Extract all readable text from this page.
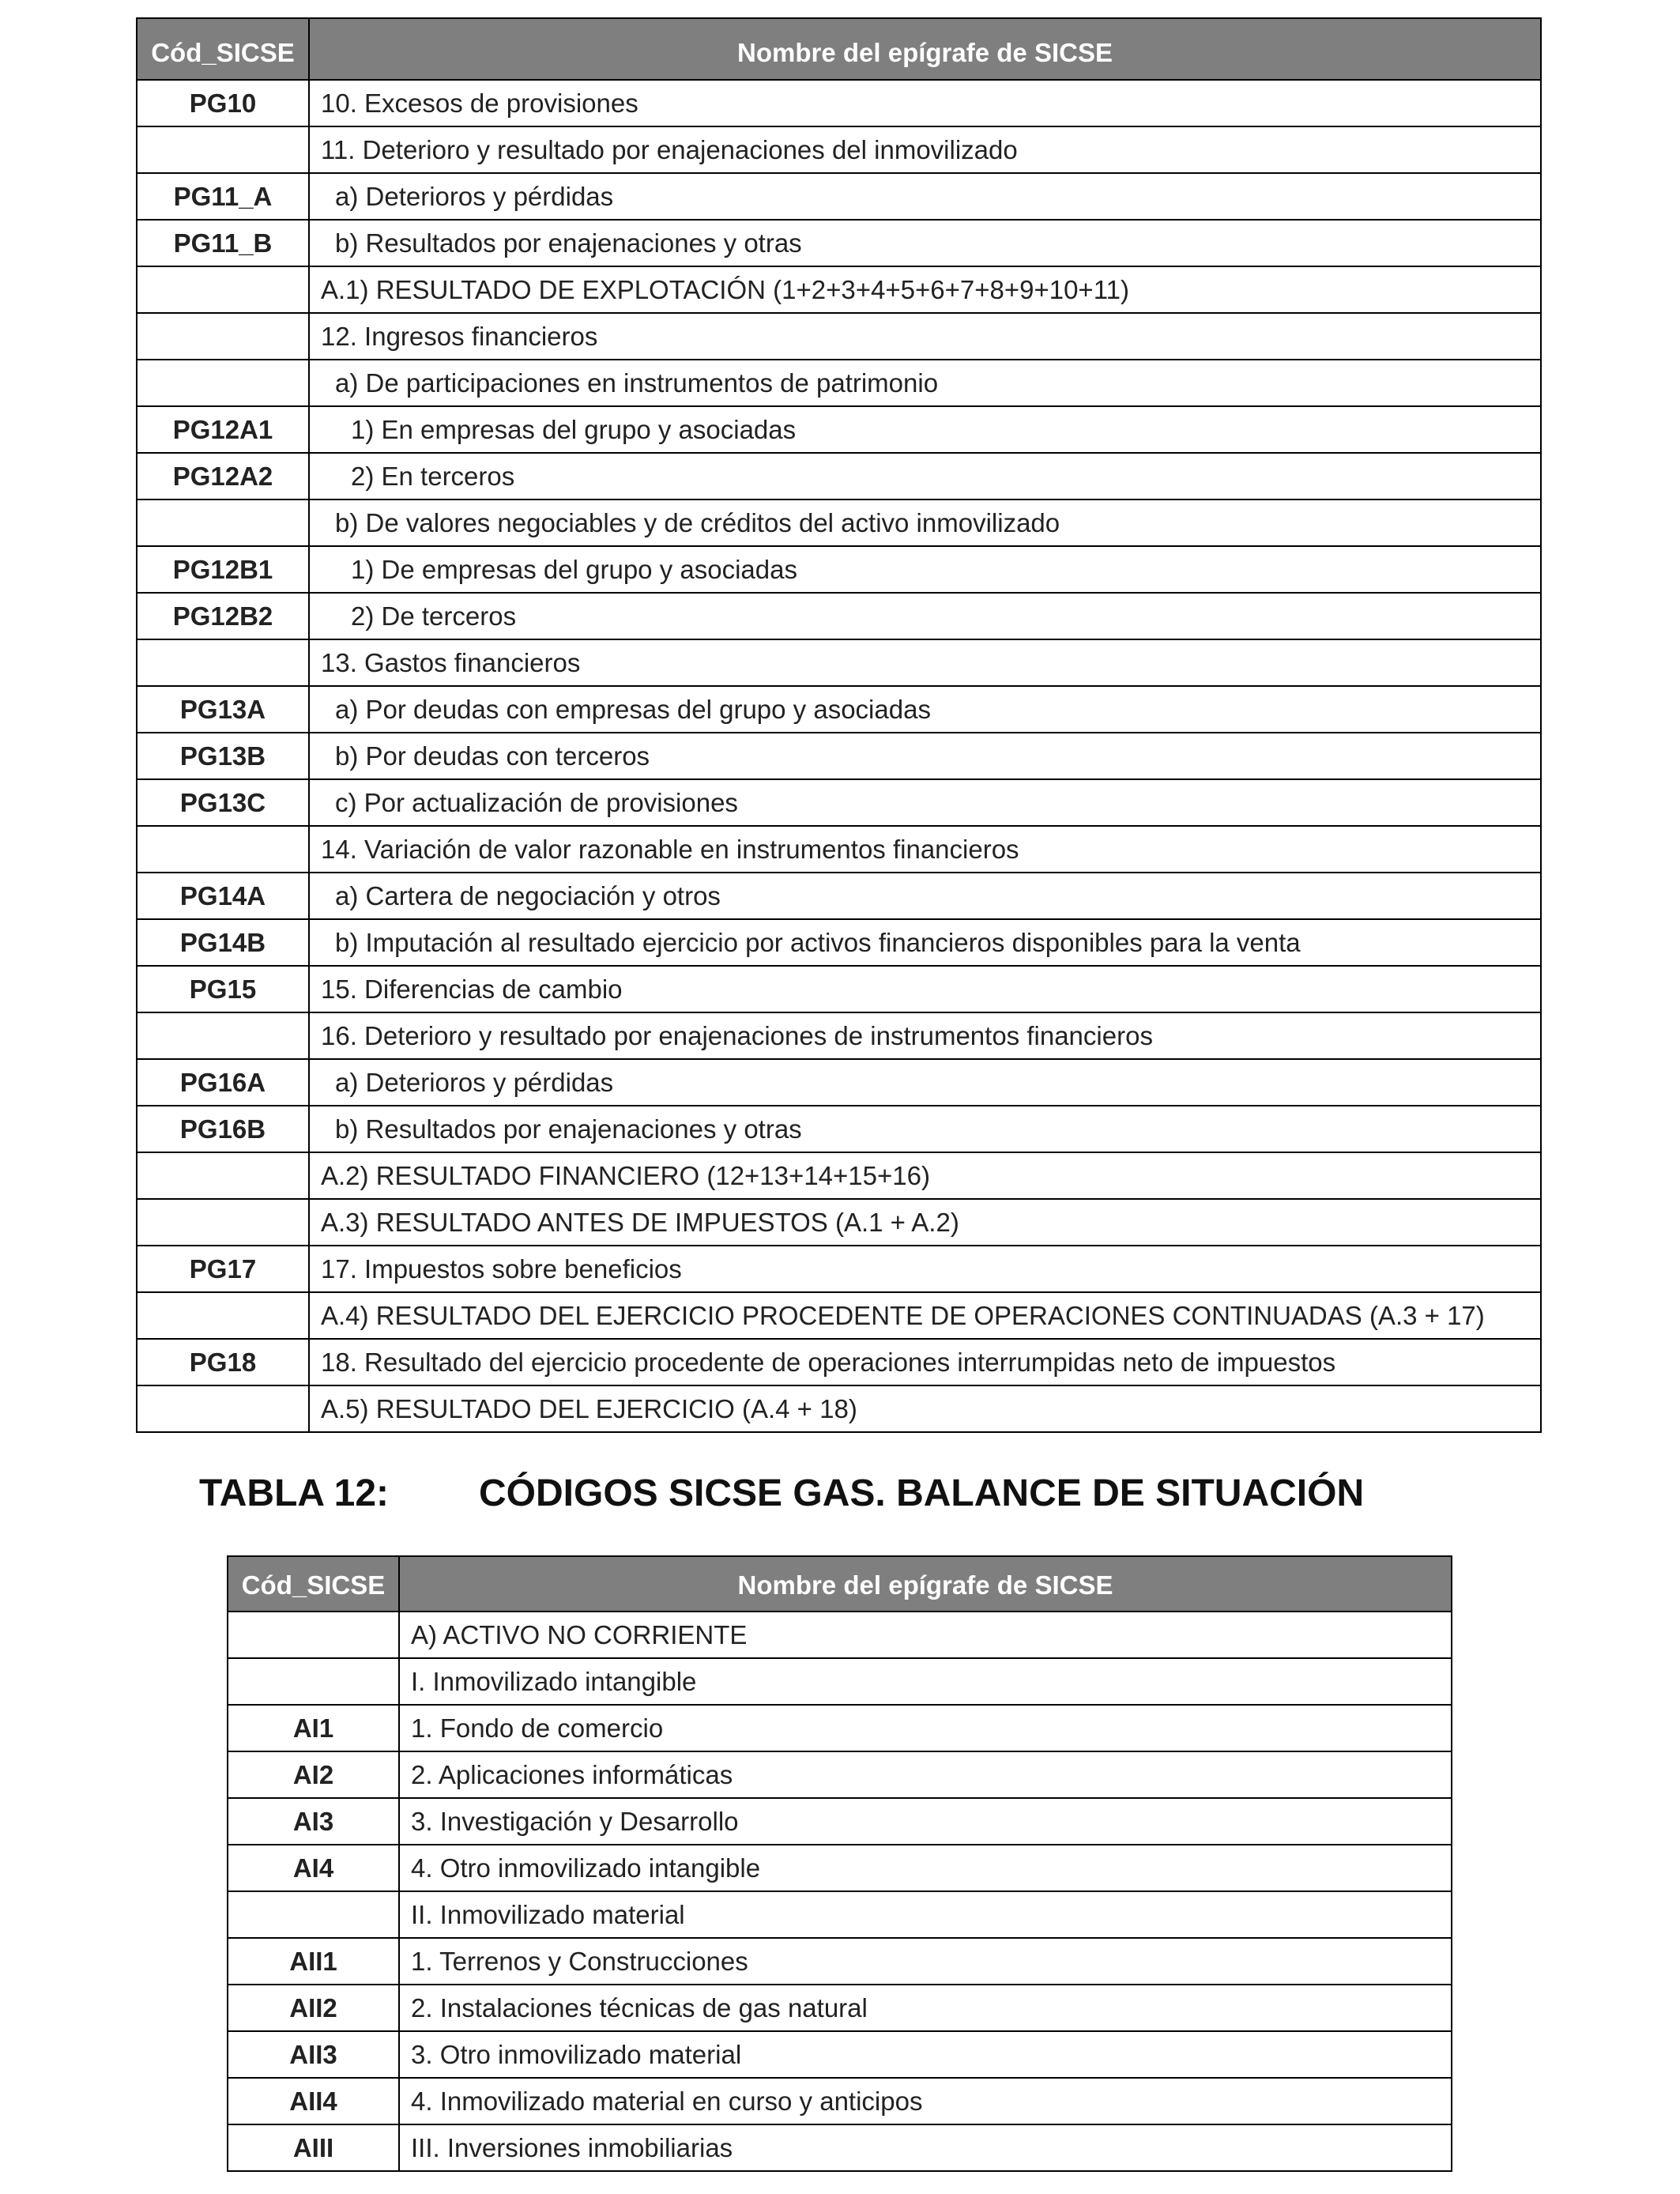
Cód_SICSE	Nombre del epígrafe de SICSE
PG10	10. Excesos de provisiones
	11. Deterioro y resultado por enajenaciones del inmovilizado
PG11_A	a) Deterioros y pérdidas
PG11_B	b) Resultados por enajenaciones y otras
	A.1) RESULTADO DE EXPLOTACIÓN (1+2+3+4+5+6+7+8+9+10+11)
	12. Ingresos financieros
	a) De participaciones en instrumentos de patrimonio
PG12A1	1) En empresas del grupo y asociadas
PG12A2	2) En terceros
	b) De valores negociables y de créditos del activo inmovilizado
PG12B1	1) De empresas del grupo y asociadas
PG12B2	2) De terceros
	13. Gastos financieros
PG13A	a) Por deudas con empresas del grupo y asociadas
PG13B	b) Por deudas con terceros
PG13C	c) Por actualización de provisiones
	14. Variación de valor razonable en instrumentos financieros
PG14A	a) Cartera de negociación y otros
PG14B	b) Imputación al resultado ejercicio por activos financieros disponibles para la venta
PG15	15. Diferencias de cambio
	16. Deterioro y resultado por enajenaciones de instrumentos financieros
PG16A	a) Deterioros y pérdidas
PG16B	b) Resultados por enajenaciones y otras
	A.2) RESULTADO FINANCIERO (12+13+14+15+16)
	A.3) RESULTADO ANTES DE IMPUESTOS (A.1 + A.2)
PG17	17. Impuestos sobre beneficios
	A.4) RESULTADO DEL EJERCICIO PROCEDENTE DE OPERACIONES CONTINUADAS (A.3 + 17)
PG18	18. Resultado del ejercicio procedente de operaciones interrumpidas neto de impuestos
	A.5) RESULTADO DEL EJERCICIO (A.4 + 18)
TABLA 12: CÓDIGOS SICSE GAS. BALANCE DE SITUACIÓN
Cód_SICSE	Nombre del epígrafe de SICSE
	A) ACTIVO NO CORRIENTE
	I. Inmovilizado intangible
AI1	1. Fondo de comercio
AI2	2. Aplicaciones informáticas
AI3	3. Investigación y Desarrollo
AI4	4. Otro inmovilizado intangible
	II. Inmovilizado material
AII1	1. Terrenos y Construcciones
AII2	2. Instalaciones técnicas de gas natural
AII3	3. Otro inmovilizado material
AII4	4. Inmovilizado material en curso y anticipos
AIII	III. Inversiones inmobiliarias
